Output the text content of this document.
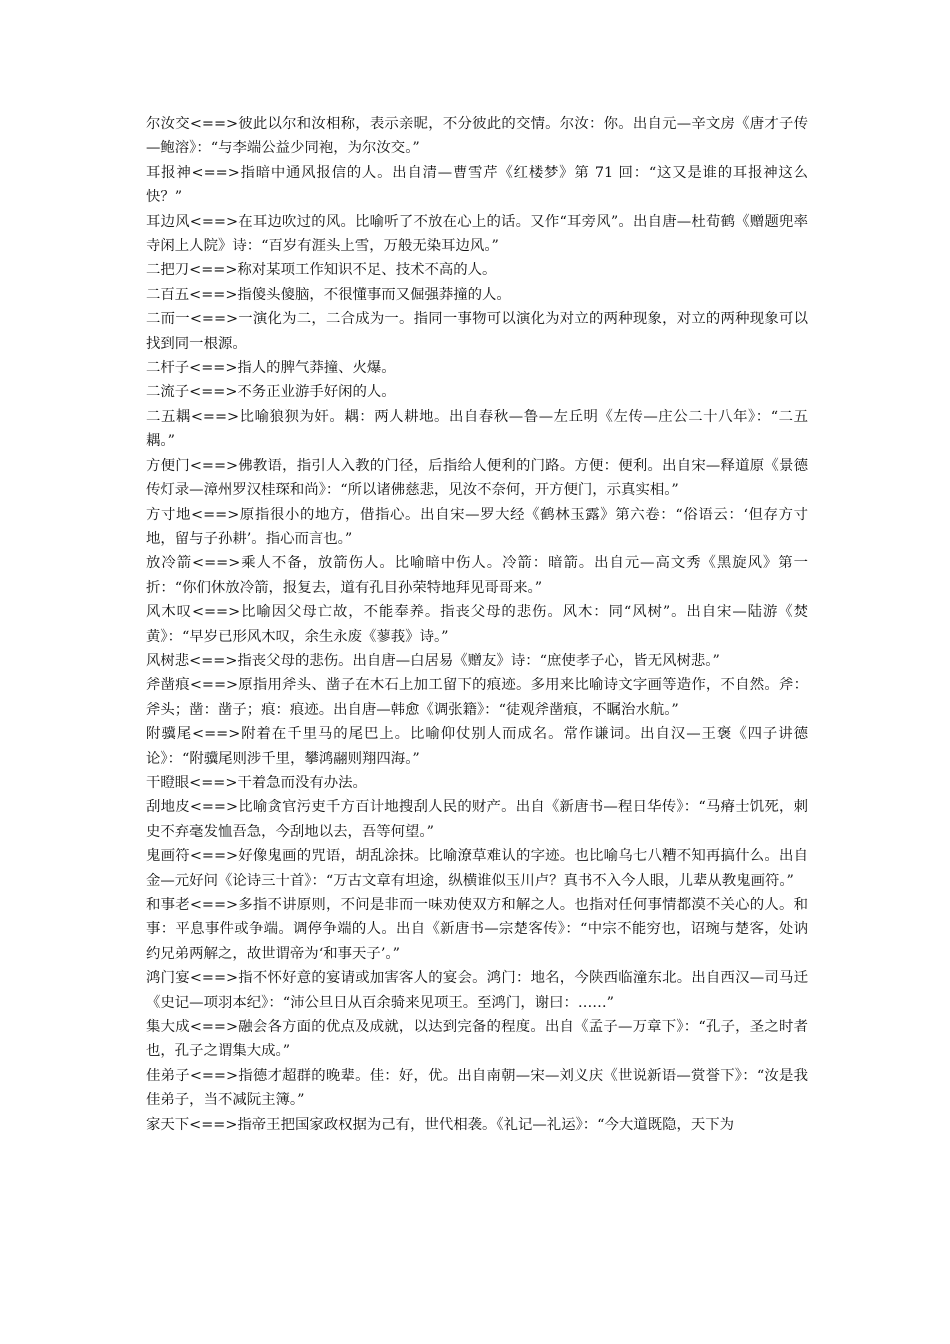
尔汝交<==>彼此以尔和汝相称，表示亲昵，不分彼此的交情。尔汝：你。出自元—辛文房《唐才子传—鲍溶》：“与李端公益少同袍，为尔汝交。”

耳报神<==>指暗中通风报信的人。出自清—曹雪芹《红楼梦》第 71 回：“这又是谁的耳报神这么快？”

耳边风<==>在耳边吹过的风。比喻听了不放在心上的话。又作“耳旁风”。出自唐—杜荀鹤《赠题兜率寺闲上人院》诗：“百岁有涯头上雪，万般无染耳边风。”

二把刀<==>称对某项工作知识不足、技术不高的人。

二百五<==>指傻头傻脑，不很懂事而又倔强莽撞的人。

二而一<==>一演化为二，二合成为一。指同一事物可以演化为对立的两种现象，对立的两种现象可以找到同一根源。

二杆子<==>指人的脾气莽撞、火爆。

二流子<==>不务正业游手好闲的人。

二五耦<==>比喻狼狈为奸。耦：两人耕地。出自春秋—鲁—左丘明《左传—庄公二十八年》：“二五耦。”

方便门<==>佛教语，指引人入教的门径，后指给人便利的门路。方便：便利。出自宋—释道原《景德传灯录—漳州罗汉桂琛和尚》：“所以诸佛慈悲，见汝不奈何，开方便门，示真实相。”

方寸地<==>原指很小的地方，借指心。出自宋—罗大经《鹤林玉露》第六卷：“俗语云：‘但存方寸地，留与子孙耕’。指心而言也。”

放冷箭<==>乘人不备，放箭伤人。比喻暗中伤人。冷箭：暗箭。出自元—高文秀《黑旋风》第一折：“你们休放冷箭，报复去，道有孔目孙荣特地拜见哥哥来。”

风木叹<==>比喻因父母亡故，不能奉养。指丧父母的悲伤。风木：同“风树”。出自宋—陆游《焚黄》：“早岁已形风木叹，余生永废《蓼莪》诗。”

风树悲<==>指丧父母的悲伤。出自唐—白居易《赠友》诗：“庶使孝子心，皆无风树悲。”

斧凿痕<==>原指用斧头、凿子在木石上加工留下的痕迹。多用来比喻诗文字画等造作，不自然。斧：斧头；凿：凿子；痕：痕迹。出自唐—韩愈《调张籍》：“徒观斧凿痕，不瞩治水航。”

附骥尾<==>附着在千里马的尾巴上。比喻仰仗别人而成名。常作谦词。出自汉—王褒《四子讲德论》：“附骥尾则涉千里，攀鸿翮则翔四海。”

干瞪眼<==>干着急而没有办法。

刮地皮<==>比喻贪官污吏千方百计地搜刮人民的财产。出自《新唐书—程日华传》：“马瘠士饥死，刺史不弃毫发恤吾急，今刮地以去，吾等何望。”

鬼画符<==>好像鬼画的咒语，胡乱涂抹。比喻潦草难认的字迹。也比喻乌七八糟不知再搞什么。出自金—元好问《论诗三十首》：“万古文章有坦途，纵横谁似玉川卢？真书不入今人眼，儿辈从教鬼画符。”

和事老<==>多指不讲原则，不问是非而一味劝使双方和解之人。也指对任何事情都漠不关心的人。和事：平息事件或争端。调停争端的人。出自《新唐书—宗楚客传》：“中宗不能穷也，诏琬与楚客，处讷约兄弟两解之，故世谓帝为‘和事天子’。”

鸿门宴<==>指不怀好意的宴请或加害客人的宴会。鸿门：地名，今陕西临潼东北。出自西汉—司马迁《史记—项羽本纪》：“沛公旦日从百余骑来见项王。至鸿门，谢曰：……”

集大成<==>融会各方面的优点及成就，以达到完备的程度。出自《孟子—万章下》：“孔子，圣之时者也，孔子之谓集大成。”

佳弟子<==>指德才超群的晚辈。佳：好，优。出自南朝—宋—刘义庆《世说新语—赏誉下》：“汝是我佳弟子，当不减阮主簿。”

家天下<==>指帝王把国家政权据为己有，世代相袭。《礼记—礼运》：“今大道既隐，天下为
